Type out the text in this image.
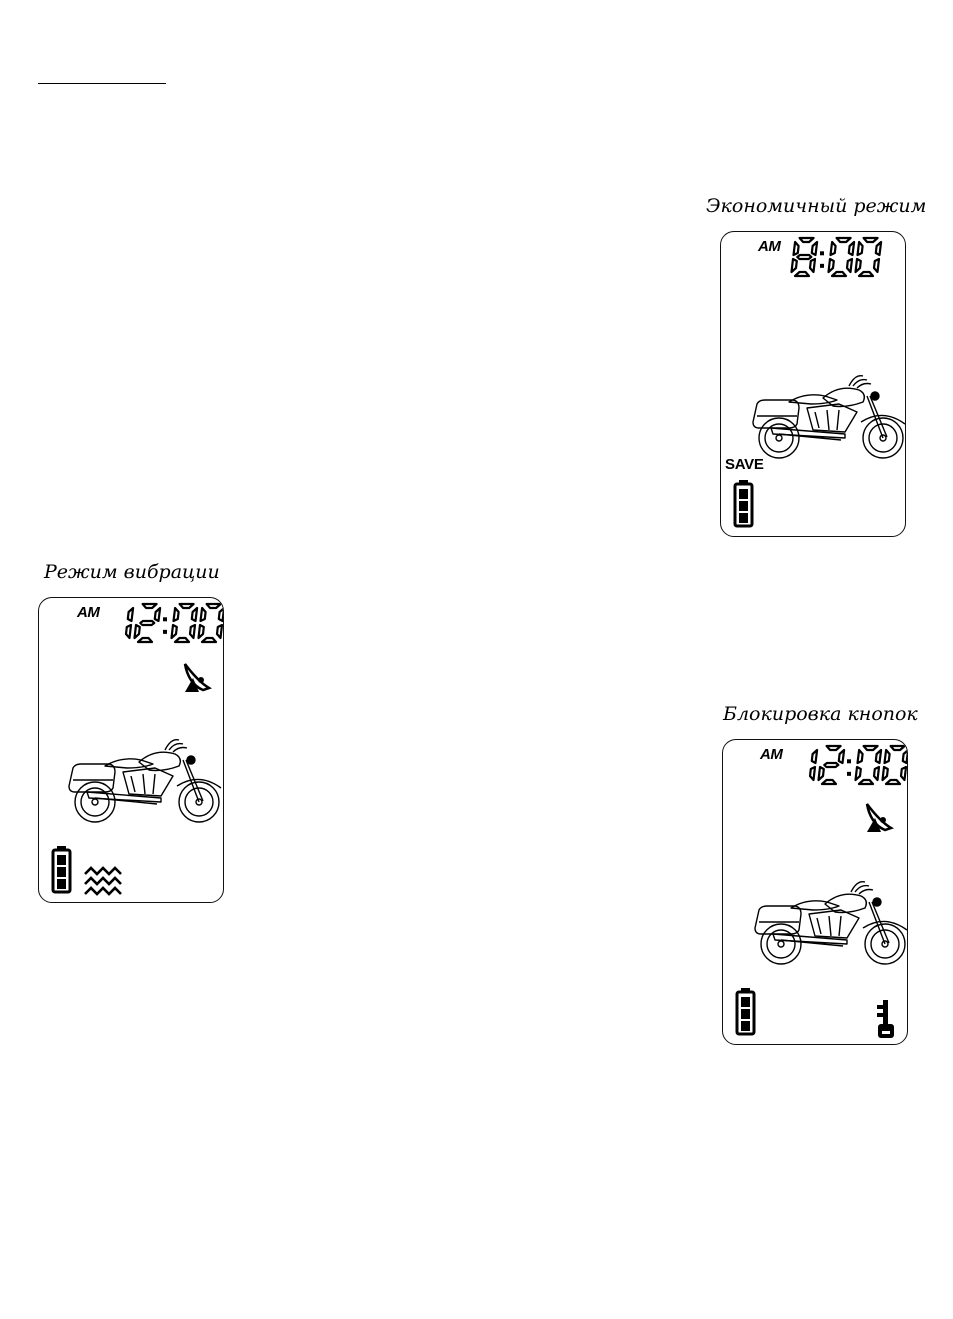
Экономичный режим
AM
SAVE
Режим вибрации
AM
Блокировка кнопок
AM
